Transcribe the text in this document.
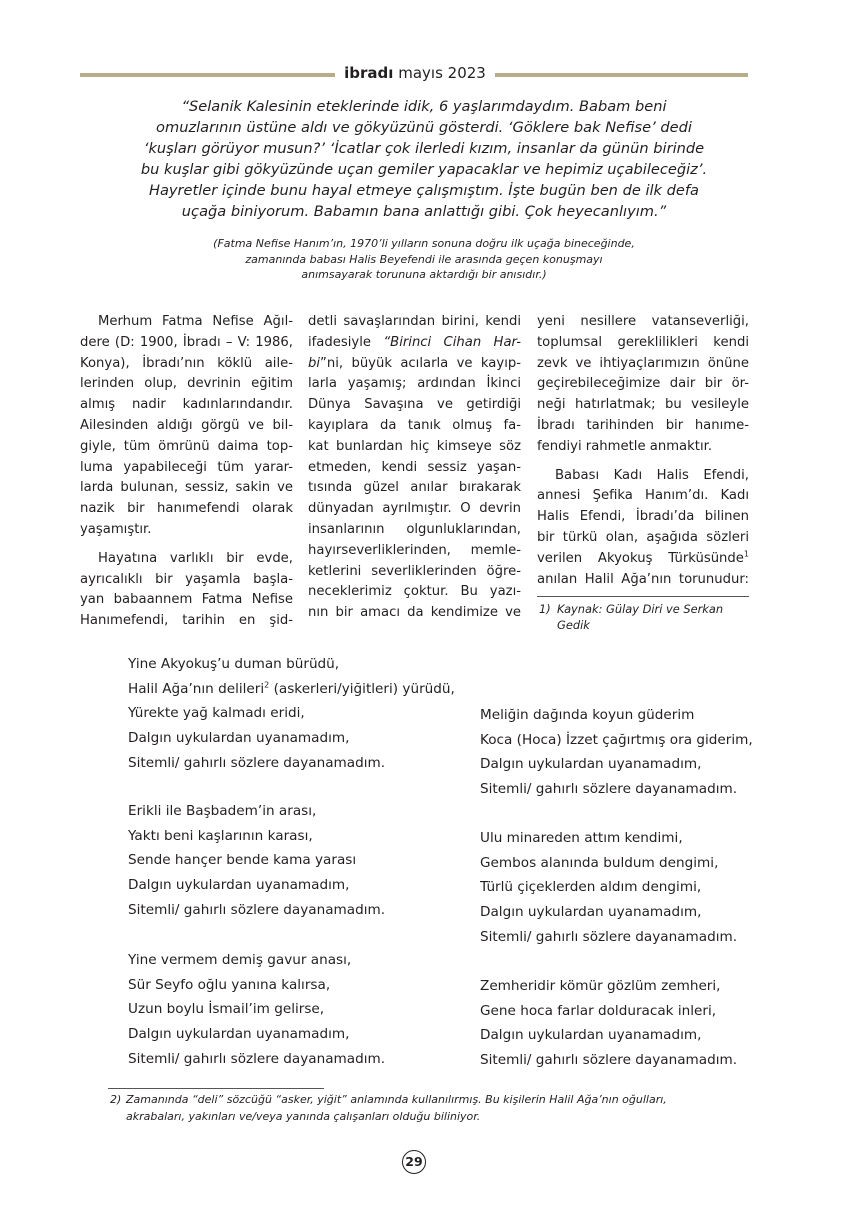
ibradı mayıs 2023
“Selanik Kalesinin eteklerinde idik, 6 yaşlarımdaydım. Babam beni
omuzlarının üstüne aldı ve gökyüzünü gösterdi. ‘Göklere bak Nefise’ dedi
‘kuşları görüyor musun?’ ‘İcatlar çok ilerledi kızım, insanlar da günün birinde
bu kuşlar gibi gökyüzünde uçan gemiler yapacaklar ve hepimiz uçabileceğiz’.
Hayretler içinde bunu hayal etmeye çalışmıştım. İşte bugün ben de ilk defa
uçağa biniyorum. Babamın bana anlattığı gibi. Çok heyecanlıyım.”
(Fatma Nefise Hanım’ın, 1970’li yılların sonuna doğru ilk uçağa bineceğinde,
zamanında babası Halis Beyefendi ile arasında geçen konuşmayı
anımsayarak torununa aktardığı bir anısıdır.)

Merhum Fatma Nefise Ağıl-
dere (D: 1900, İbradı – V: 1986,
Konya), İbradı’nın köklü aile-
lerinden olup, devrinin eğitim
almış nadir kadınlarındandır.
Ailesinden aldığı görgü ve bil-
giyle, tüm ömrünü daima top-
luma yapabileceği tüm yarar-
larda bulunan, sessiz, sakin ve
nazik bir hanımefendi olarak
yaşamıştır.

Hayatına varlıklı bir evde,
ayrıcalıklı bir yaşamla başla-
yan babaannem Fatma Nefise
Hanımefendi, tarihin en şid-

detli savaşlarından birini, kendi
ifadesiyle “Birinci Cihan Har-
bi”ni, büyük acılarla ve kayıp-
larla yaşamış; ardından İkinci
Dünya Savaşına ve getirdiği
kayıplara da tanık olmuş fa-
kat bunlardan hiç kimseye söz
etmeden, kendi sessiz yaşan-
tısında güzel anılar bırakarak
dünyadan ayrılmıştır. O devrin
insanlarının olgunluklarından,
hayırseverliklerinden, memle-
ketlerini severliklerinden öğre-
neceklerimiz çoktur. Bu yazı-
nın bir amacı da kendimize ve

yeni nesillere vatanseverliği,
toplumsal gereklilikleri kendi
zevk ve ihtiyaçlarımızın önüne
geçirebileceğimize dair bir ör-
neği hatırlatmak; bu vesileyle
İbradı tarihinden bir hanıme-
fendiyi rahmetle anmaktır.

Babası Kadı Halis Efendi,
annesi Şefika Hanım’dı. Kadı
Halis Efendi, İbradı’da bilinen
bir türkü olan, aşağıda sözleri
verilen Akyokuş Türküsünde$^1$
anılan Halil Ağa’nın torunudur:

1) Kaynak: Gülay Diri ve Serkan Gedik
Yine Akyokuş’u duman bürüdü,
Halil Ağa’nın delileri$^2$ (askerleri/yiğitleri) yürüdü,
Yürekte yağ kalmadı eridi,
Dalgın uykulardan uyanamadım,
Sitemli/ gahırlı sözlere dayanamadım.
Erikli ile Başbadem’in arası,
Yaktı beni kaşlarının karası,
Sende hançer bende kama yarası
Dalgın uykulardan uyanamadım,
Sitemli/ gahırlı sözlere dayanamadım.
Yine vermem demiş gavur anası,
Sür Seyfo oğlu yanına kalırsa,
Uzun boylu İsmail’im gelirse,
Dalgın uykulardan uyanamadım,
Sitemli/ gahırlı sözlere dayanamadım.
Meliğin dağında koyun güderim
Koca (Hoca) İzzet çağırtmış ora giderim,
Dalgın uykulardan uyanamadım,
Sitemli/ gahırlı sözlere dayanamadım.
Ulu minareden attım kendimi,
Gembos alanında buldum dengimi,
Türlü çiçeklerden aldım dengimi,
Dalgın uykulardan uyanamadım,
Sitemli/ gahırlı sözlere dayanamadım.
Zemheridir kömür gözlüm zemheri,
Gene hoca farlar dolduracak inleri,
Dalgın uykulardan uyanamadım,
Sitemli/ gahırlı sözlere dayanamadım.
2) Zamanında “deli” sözcüğü “asker, yiğit” anlamında kullanılırmış. Bu kişilerin Halil Ağa’nın oğulları,
akrabaları, yakınları ve/veya yanında çalışanları olduğu biliniyor.
29
